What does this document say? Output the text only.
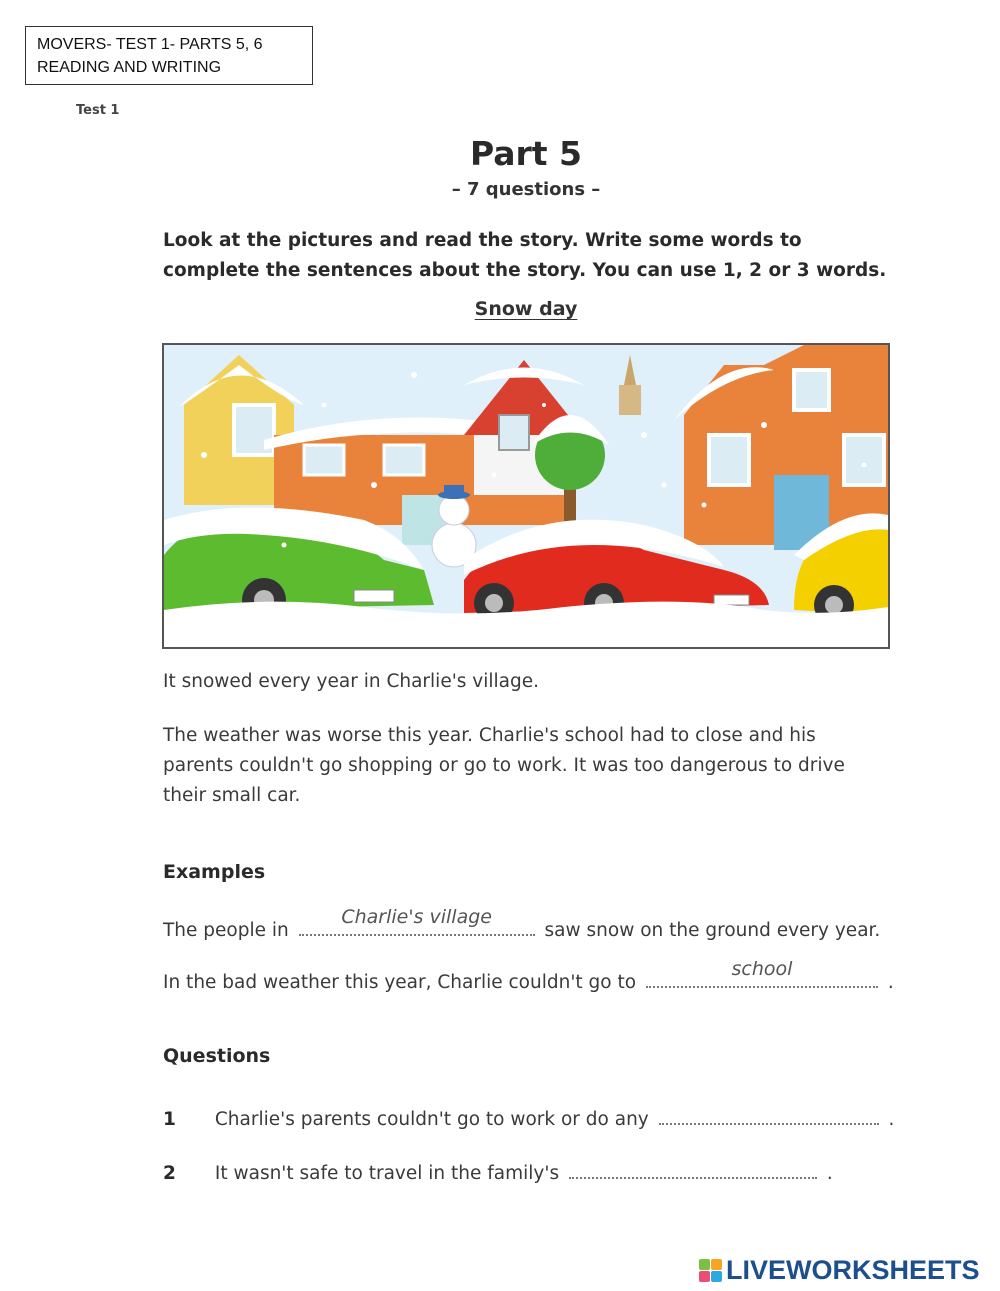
MOVERS- TEST 1- PARTS 5, 6
READING AND WRITING
Test 1
Part 5
– 7 questions –
Look at the pictures and read the story. Write some words to
complete the sentences about the story. You can use 1, 2 or 3 words.
Snow day
It snowed every year in Charlie's village.
The weather was worse this year. Charlie's school had to close and his
parents couldn't go shopping or go to work. It was too dangerous to drive
their small car.
Examples
The people in
Charlie's village
saw snow on the ground every year.
In the bad weather this year, Charlie couldn't go to
school
.
Questions
1 Charlie's parents couldn't go to work or do any	.
2 It wasn't safe to travel in the family's	.
LIVEWORKSHEETS
